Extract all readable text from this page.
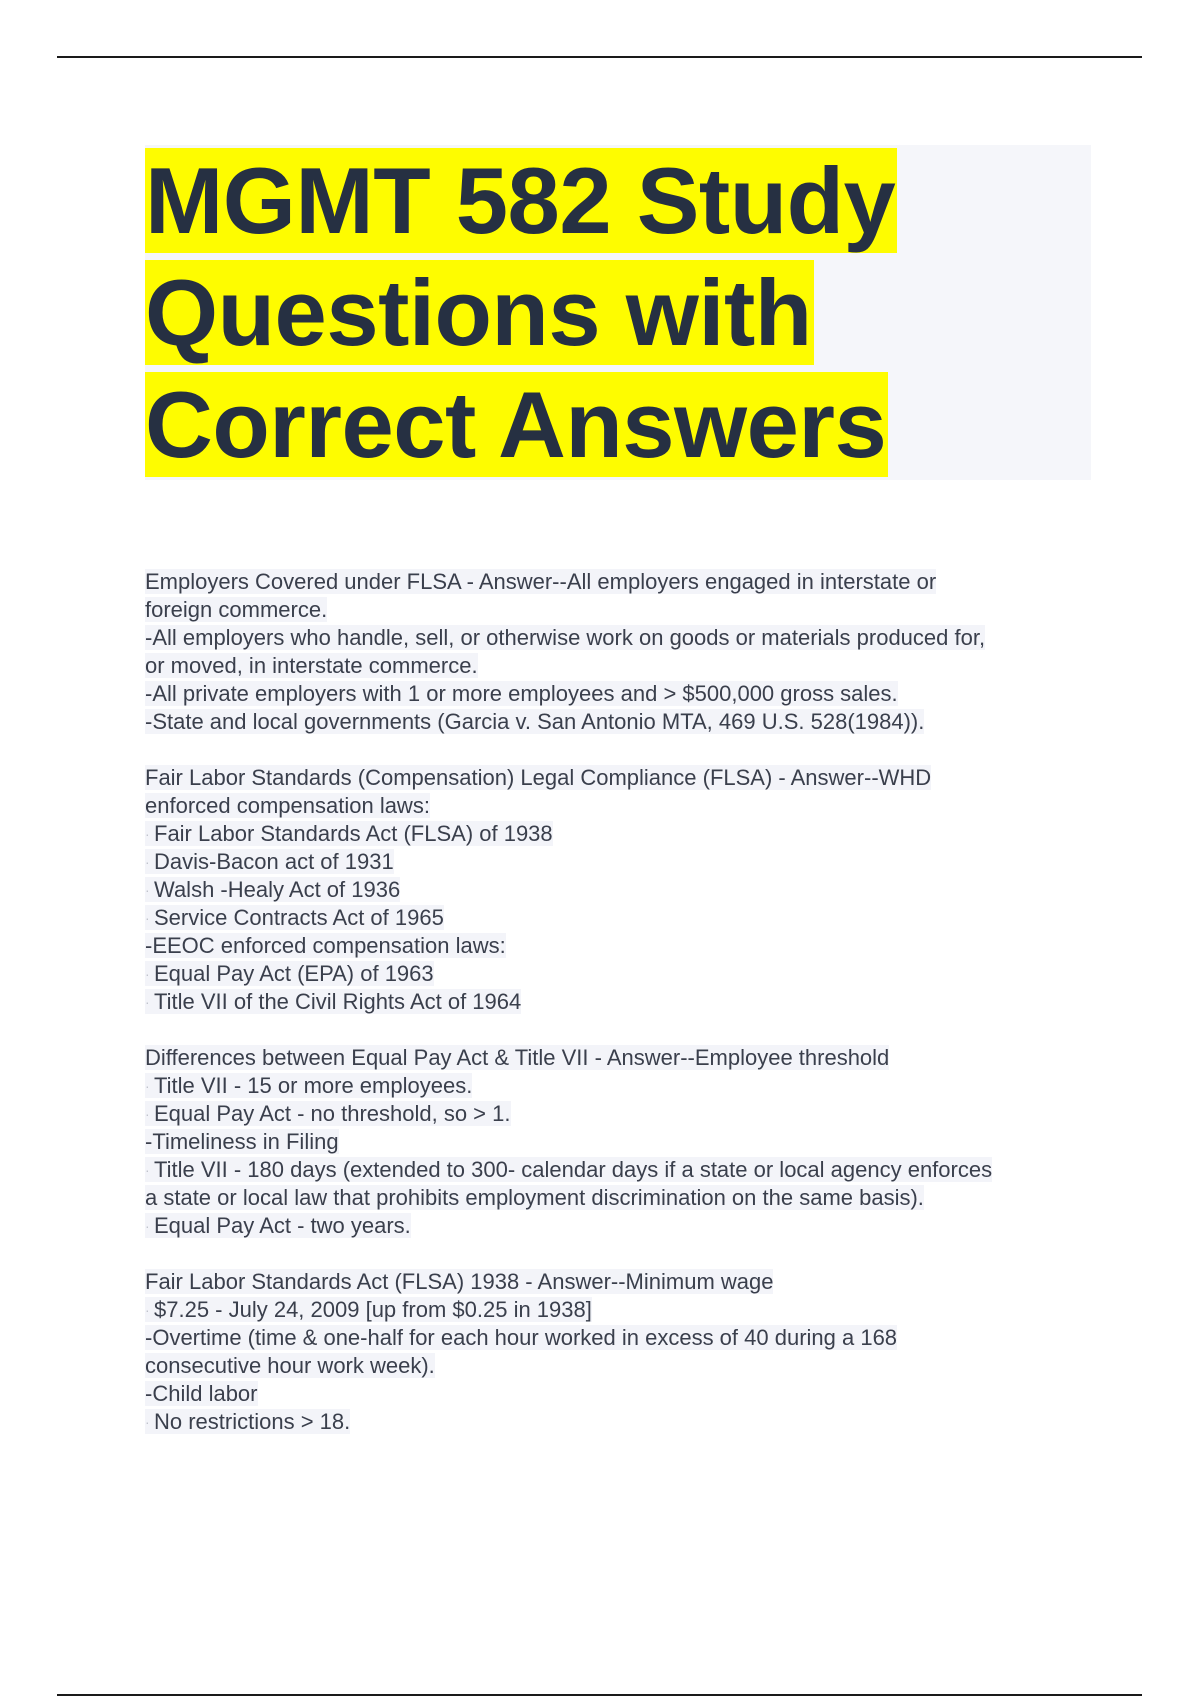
MGMT 582 Study
Questions with
Correct Answers
Employers Covered under FLSA - Answer--All employers engaged in interstate or
foreign commerce.
-All employers who handle, sell, or otherwise work on goods or materials produced for,
or moved, in interstate commerce.
-All private employers with 1 or more employees and > $500,000 gross sales.
-State and local governments (Garcia v. San Antonio MTA, 469 U.S. 528(1984)).
Fair Labor Standards (Compensation) Legal Compliance (FLSA) - Answer--WHD
enforced compensation laws:
· Fair Labor Standards Act (FLSA) of 1938
· Davis-Bacon act of 1931
· Walsh -Healy Act of 1936
· Service Contracts Act of 1965
-EEOC enforced compensation laws:
· Equal Pay Act (EPA) of 1963
· Title VII of the Civil Rights Act of 1964
Differences between Equal Pay Act & Title VII - Answer--Employee threshold
· Title VII - 15 or more employees.
· Equal Pay Act - no threshold, so > 1.
-Timeliness in Filing
· Title VII - 180 days (extended to 300- calendar days if a state or local agency enforces
a state or local law that prohibits employment discrimination on the same basis).
· Equal Pay Act - two years.
Fair Labor Standards Act (FLSA) 1938 - Answer--Minimum wage
· $7.25 - July 24, 2009 [up from $0.25 in 1938]
-Overtime (time & one-half for each hour worked in excess of 40 during a 168
consecutive hour work week).
-Child labor
· No restrictions > 18.
